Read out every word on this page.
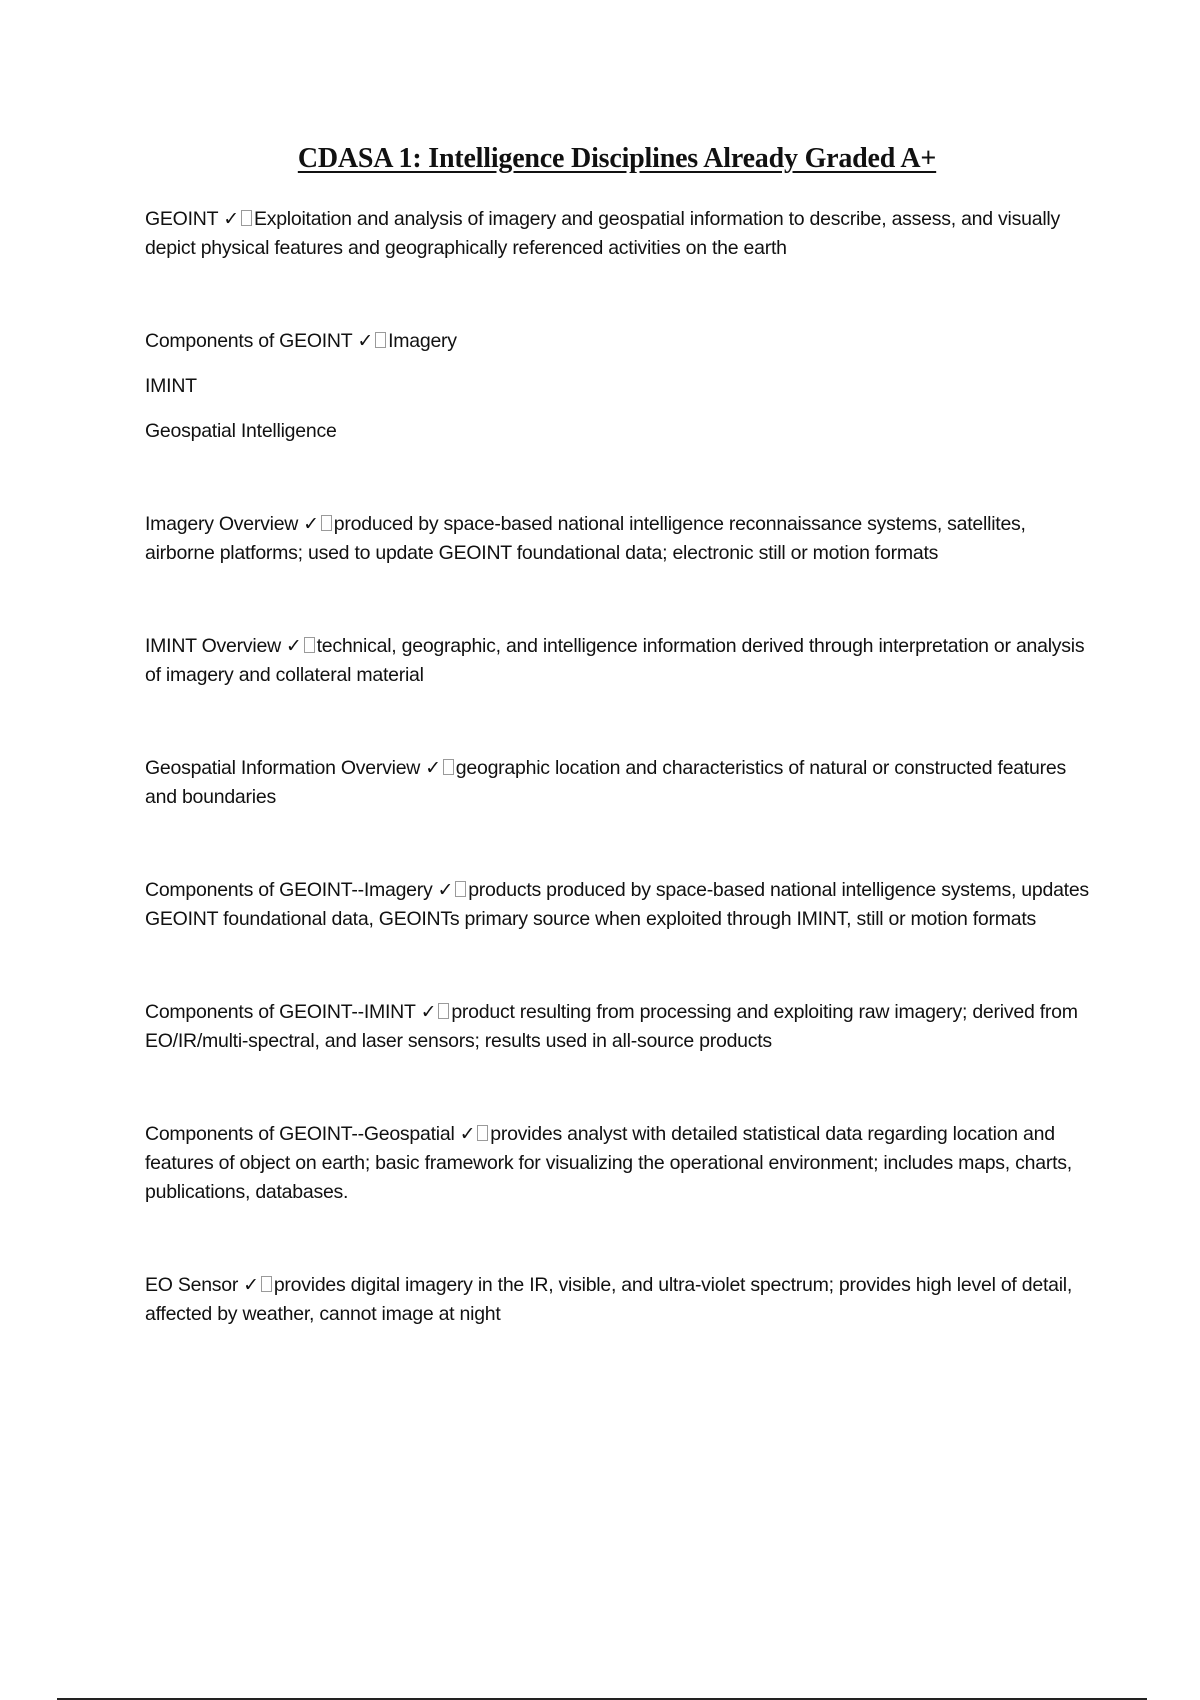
CDASA 1: Intelligence Disciplines Already Graded A+

GEOINT ✓ Exploitation and analysis of imagery and geospatial information to describe, assess, and visually depict physical features and geographically referenced activities on the earth

Components of GEOINT ✓ Imagery

IMINT

Geospatial Intelligence

Imagery Overview ✓ produced by space-based national intelligence reconnaissance systems, satellites, airborne platforms; used to update GEOINT foundational data; electronic still or motion formats

IMINT Overview ✓ technical, geographic, and intelligence information derived through interpretation or analysis of imagery and collateral material

Geospatial Information Overview ✓ geographic location and characteristics of natural or constructed features and boundaries

Components of GEOINT--Imagery ✓ products produced by space-based national intelligence systems, updates GEOINT foundational data, GEOINTs primary source when exploited through IMINT, still or motion formats

Components of GEOINT--IMINT ✓ product resulting from processing and exploiting raw imagery; derived from EO/IR/multi-spectral, and laser sensors; results used in all-source products

Components of GEOINT--Geospatial ✓ provides analyst with detailed statistical data regarding location and features of object on earth; basic framework for visualizing the operational environment; includes maps, charts, publications, databases.

EO Sensor ✓ provides digital imagery in the IR, visible, and ultra-violet spectrum; provides high level of detail, affected by weather, cannot image at night
